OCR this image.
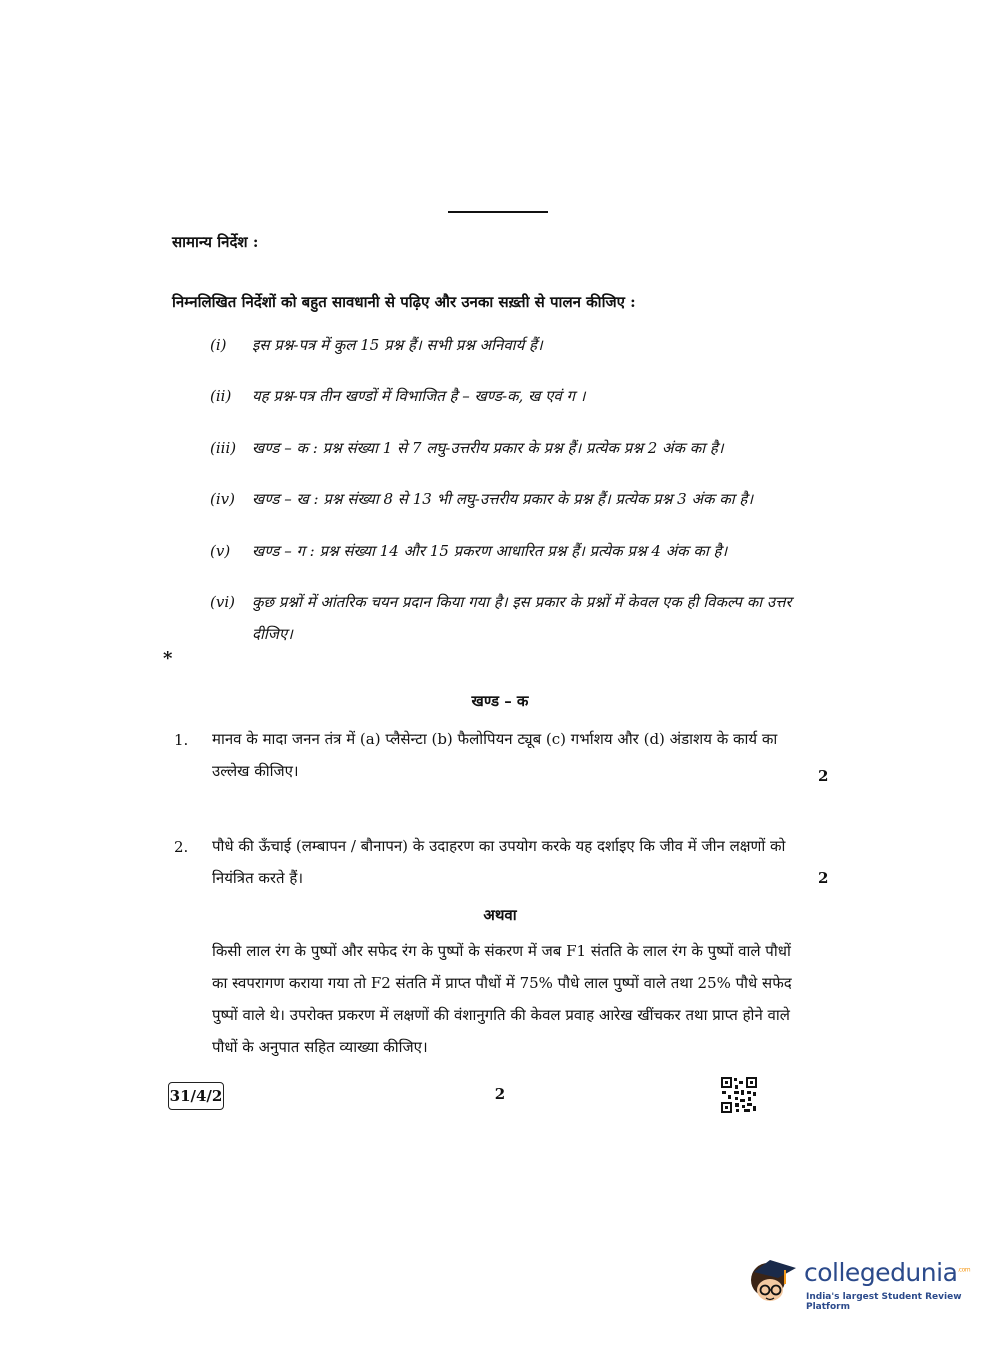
सामान्य निर्देश :
निम्नलिखित निर्देशों को बहुत सावधानी से पढ़िए और उनका सख़्ती से पालन कीजिए :
(i) इस प्रश्न-पत्र में कुल 15 प्रश्न हैं। सभी प्रश्न अनिवार्य हैं।
(ii) यह प्रश्न-पत्र तीन खण्डों में विभाजित है – खण्ड-क, ख एवं ग ।
(iii) खण्ड – क : प्रश्न संख्या 1 से 7 लघु-उत्तरीय प्रकार के प्रश्न हैं। प्रत्येक प्रश्न 2 अंक का है।
(iv) खण्ड – ख : प्रश्न संख्या 8 से 13 भी लघु-उत्तरीय प्रकार के प्रश्न हैं। प्रत्येक प्रश्न 3 अंक का है।
(v) खण्ड – ग : प्रश्न संख्या 14 और 15 प्रकरण आधारित प्रश्न हैं। प्रत्येक प्रश्न 4 अंक का है।
(vi) कुछ प्रश्नों में आंतरिक चयन प्रदान किया गया है। इस प्रकार के प्रश्नों में केवल एक ही विकल्प का उत्तर दीजिए।
*
खण्ड – क
1. मानव के मादा जनन तंत्र में (a) प्लैसेन्टा (b) फैलोपियन ट्यूब (c) गर्भाशय और (d) अंडाशय के कार्य का उल्लेख कीजिए।	2
2. पौधे की ऊँचाई (लम्बापन / बौनापन) के उदाहरण का उपयोग करके यह दर्शाइए कि जीव में जीन लक्षणों को नियंत्रित करते हैं।	2
अथवा
किसी लाल रंग के पुष्पों और सफेद रंग के पुष्पों के संकरण में जब F1 संतति के लाल रंग के पुष्पों वाले पौधों का स्वपरागण कराया गया तो F2 संतति में प्राप्त पौधों में 75% पौधे लाल पुष्पों वाले तथा 25% पौधे सफेद पुष्पों वाले थे। उपरोक्त प्रकरण में लक्षणों की वंशानुगति की केवल प्रवाह आरेख खींचकर तथा प्राप्त होने वाले पौधों के अनुपात सहित व्याख्या कीजिए।
31/4/2	2
collegedunia$^{.com}$
India's largest Student Review Platform
